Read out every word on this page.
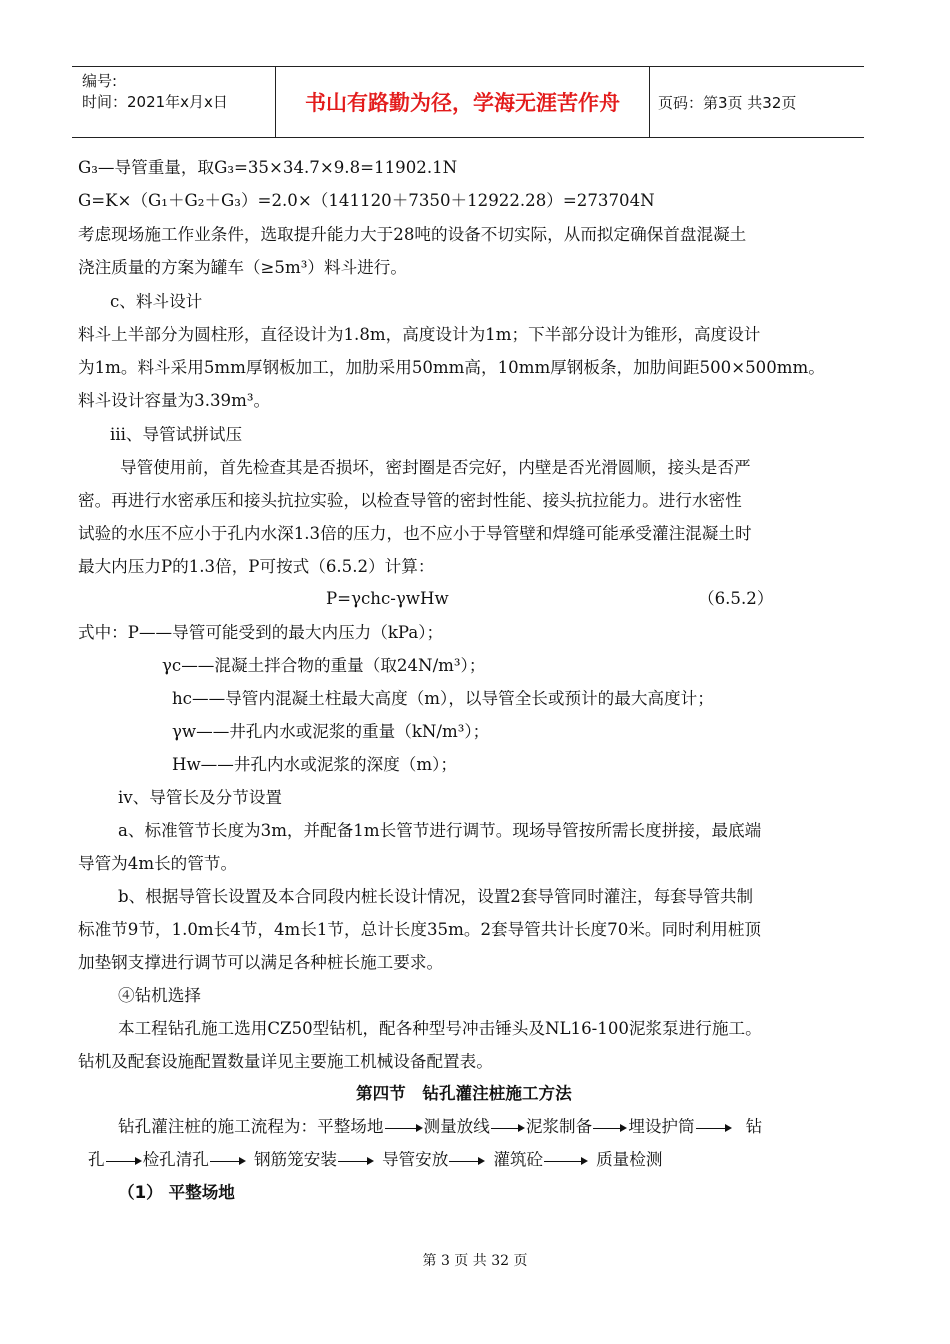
编号:
时间：2021年x月x日	书山有路勤为径，学海无涯苦作舟	页码：第3页 共32页
G₃—导管重量，取G₃=35×34.7×9.8=11902.1N
G=K×（G₁＋G₂＋G₃）=2.0×（141120＋7350＋12922.28）=273704N
考虑现场施工作业条件，选取提升能力大于28吨的设备不切实际，从而拟定确保首盘混凝土
浇注质量的方案为罐车（≥5m³）料斗进行。
c、料斗设计
料斗上半部分为圆柱形，直径设计为1.8m，高度设计为1m；下半部分设计为锥形，高度设计
为1m。料斗采用5mm厚钢板加工，加肋采用50mm高，10mm厚钢板条，加肋间距500×500mm。
料斗设计容量为3.39m³。
ⅲ、导管试拼试压
导管使用前，首先检查其是否损坏，密封圈是否完好，内壁是否光滑圆顺，接头是否严
密。再进行水密承压和接头抗拉实验，以检查导管的密封性能、接头抗拉能力。进行水密性
试验的水压不应小于孔内水深1.3倍的压力，也不应小于导管壁和焊缝可能承受灌注混凝土时
最大内压力P的1.3倍，P可按式（6.5.2）计算：
P=γchc-γwHw	（6.5.2）
式中：P——导管可能受到的最大内压力（kPa）；
γc——混凝土拌合物的重量（取24N/m³）；
hc——导管内混凝土柱最大高度（m），以导管全长或预计的最大高度计；
γw——井孔内水或泥浆的重量（kN/m³）；
Hw——井孔内水或泥浆的深度（m）；
ⅳ、导管长及分节设置
a、标准管节长度为3m，并配备1m长管节进行调节。现场导管按所需长度拼接，最底端
导管为4m长的管节。
b、根据导管长设置及本合同段内桩长设计情况，设置2套导管同时灌注，每套导管共制
标准节9节，1.0m长4节，4m长1节，总计长度35m。2套导管共计长度70米。同时利用桩顶
加垫钢支撑进行调节可以满足各种桩长施工要求。
④钻机选择
本工程钻孔施工选用CZ50型钻机，配各种型号冲击锤头及NL16-100泥浆泵进行施工。
钻机及配套设施配置数量详见主要施工机械设备配置表。
第四节　钻孔灌注桩施工方法
钻孔灌注桩的施工流程为：平整场地 测量放线 泥浆制备 埋设护筒	钻
孔 检孔清孔	钢筋笼安装	导管安放	灌筑砼	质量检测
（1） 平整场地
第 3 页 共 32 页
